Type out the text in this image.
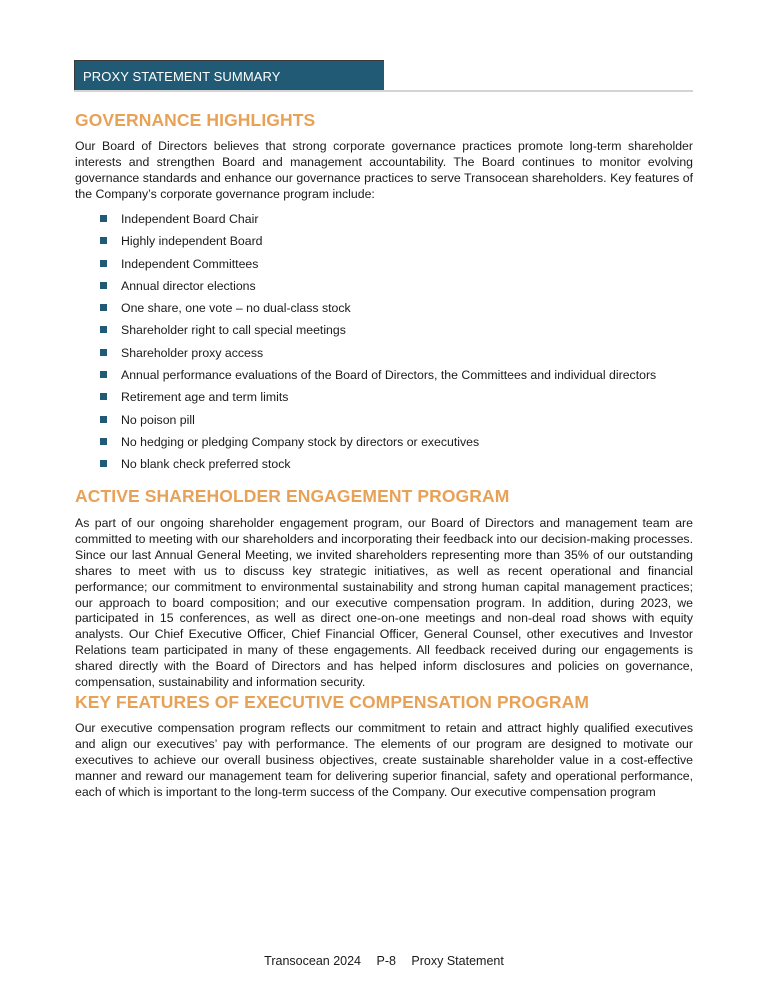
PROXY STATEMENT SUMMARY
GOVERNANCE HIGHLIGHTS

Our Board of Directors believes that strong corporate governance practices promote long-term shareholder interests and strengthen Board and management accountability. The Board continues to monitor evolving governance standards and enhance our governance practices to serve Transocean shareholders. Key features of the Company’s corporate governance program include:

Independent Board Chair
Highly independent Board
Independent Committees
Annual director elections
One share, one vote – no dual-class stock
Shareholder right to call special meetings
Shareholder proxy access
Annual performance evaluations of the Board of Directors, the Committees and individual directors
Retirement age and term limits
No poison pill
No hedging or pledging Company stock by directors or executives
No blank check preferred stock
ACTIVE SHAREHOLDER ENGAGEMENT PROGRAM

As part of our ongoing shareholder engagement program, our Board of Directors and management team are committed to meeting with our shareholders and incorporating their feedback into our decision-making processes. Since our last Annual General Meeting, we invited shareholders representing more than 35% of our outstanding shares to meet with us to discuss key strategic initiatives, as well as recent operational and financial performance; our commitment to environmental sustainability and strong human capital management practices; our approach to board composition; and our executive compensation program. In addition, during 2023, we participated in 15 conferences, as well as direct one-on-one meetings and non-deal road shows with equity analysts. Our Chief Executive Officer, Chief Financial Officer, General Counsel, other executives and Investor Relations team participated in many of these engagements. All feedback received during our engagements is shared directly with the Board of Directors and has helped inform disclosures and policies on governance, compensation, sustainability and information security.

KEY FEATURES OF EXECUTIVE COMPENSATION PROGRAM

Our executive compensation program reflects our commitment to retain and attract highly qualified executives and align our executives’ pay with performance. The elements of our program are designed to motivate our executives to achieve our overall business objectives, create sustainable shareholder value in a cost-effective manner and reward our management team for delivering superior financial, safety and operational performance, each of which is important to the long-term success of the Company. Our executive compensation program

Transocean 2024 P-8 Proxy Statement
